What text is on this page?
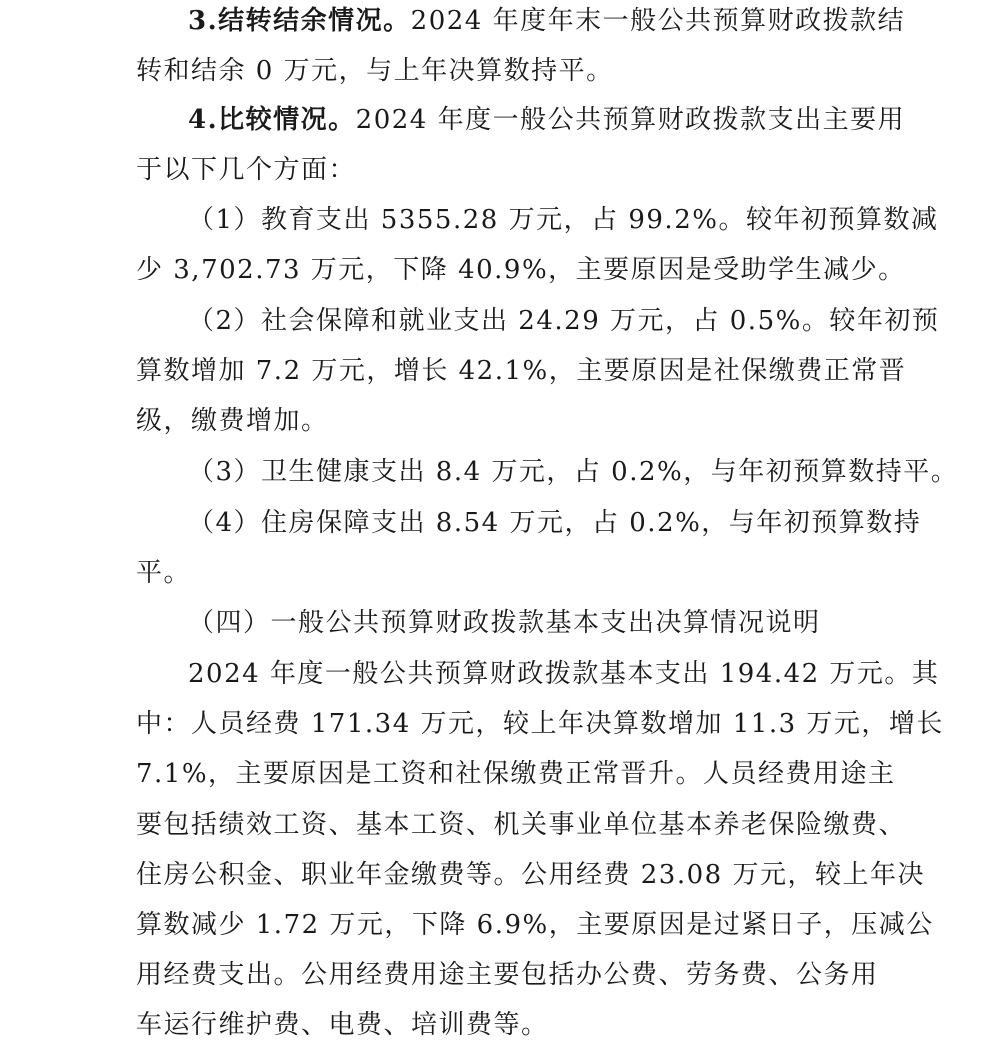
3.结转结余情况。2024 年度年末一般公共预算财政拨款结
转和结余 0 万元，与上年决算数持平。
4.比较情况。2024 年度一般公共预算财政拨款支出主要用
于以下几个方面：
（1）教育支出 5355.28 万元，占 99.2%。较年初预算数减
少 3,702.73 万元，下降 40.9%，主要原因是受助学生减少。
（2）社会保障和就业支出 24.29 万元，占 0.5%。较年初预
算数增加 7.2 万元，增长 42.1%，主要原因是社保缴费正常晋
级，缴费增加。
（3）卫生健康支出 8.4 万元，占 0.2%，与年初预算数持平。
（4）住房保障支出 8.54 万元，占 0.2%，与年初预算数持
平。
（四）一般公共预算财政拨款基本支出决算情况说明
2024 年度一般公共预算财政拨款基本支出 194.42 万元。其
中：人员经费 171.34 万元，较上年决算数增加 11.3 万元，增长
7.1%，主要原因是工资和社保缴费正常晋升。人员经费用途主
要包括绩效工资、基本工资、机关事业单位基本养老保险缴费、
住房公积金、职业年金缴费等。公用经费 23.08 万元，较上年决
算数减少 1.72 万元，下降 6.9%，主要原因是过紧日子，压减公
用经费支出。公用经费用途主要包括办公费、劳务费、公务用
车运行维护费、电费、培训费等。
